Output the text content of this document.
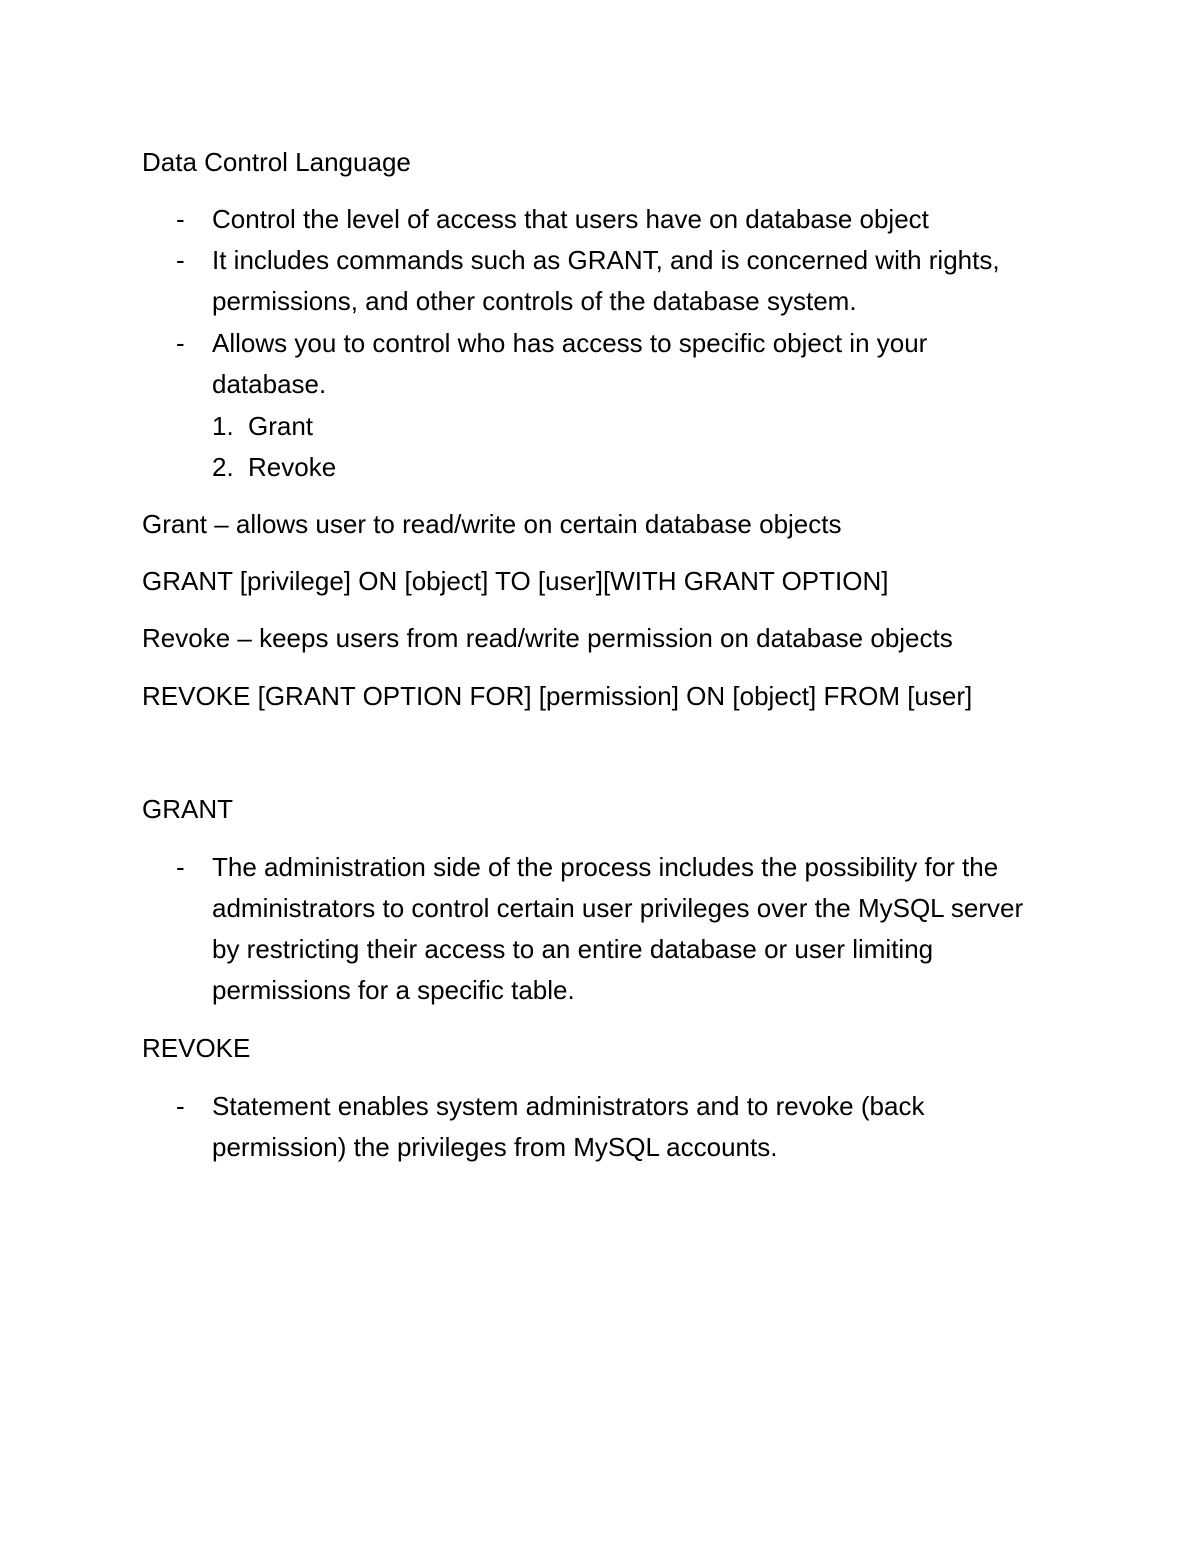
Data Control Language

- Control the level of access that users have on database object

- It includes commands such as GRANT, and is concerned with rights, permissions, and other controls of the database system.

- Allows you to control who has access to specific object in your database.

1. Grant
2. Revoke

Grant – allows user to read/write on certain database objects

GRANT [privilege] ON [object] TO [user][WITH GRANT OPTION]

Revoke – keeps users from read/write permission on database objects

REVOKE [GRANT OPTION FOR] [permission] ON [object] FROM [user]

GRANT

- The administration side of the process includes the possibility for the administrators to control certain user privileges over the MySQL server by restricting their access to an entire database or user limiting permissions for a specific table.

REVOKE

- Statement enables system administrators and to revoke (back permission) the privileges from MySQL accounts.
